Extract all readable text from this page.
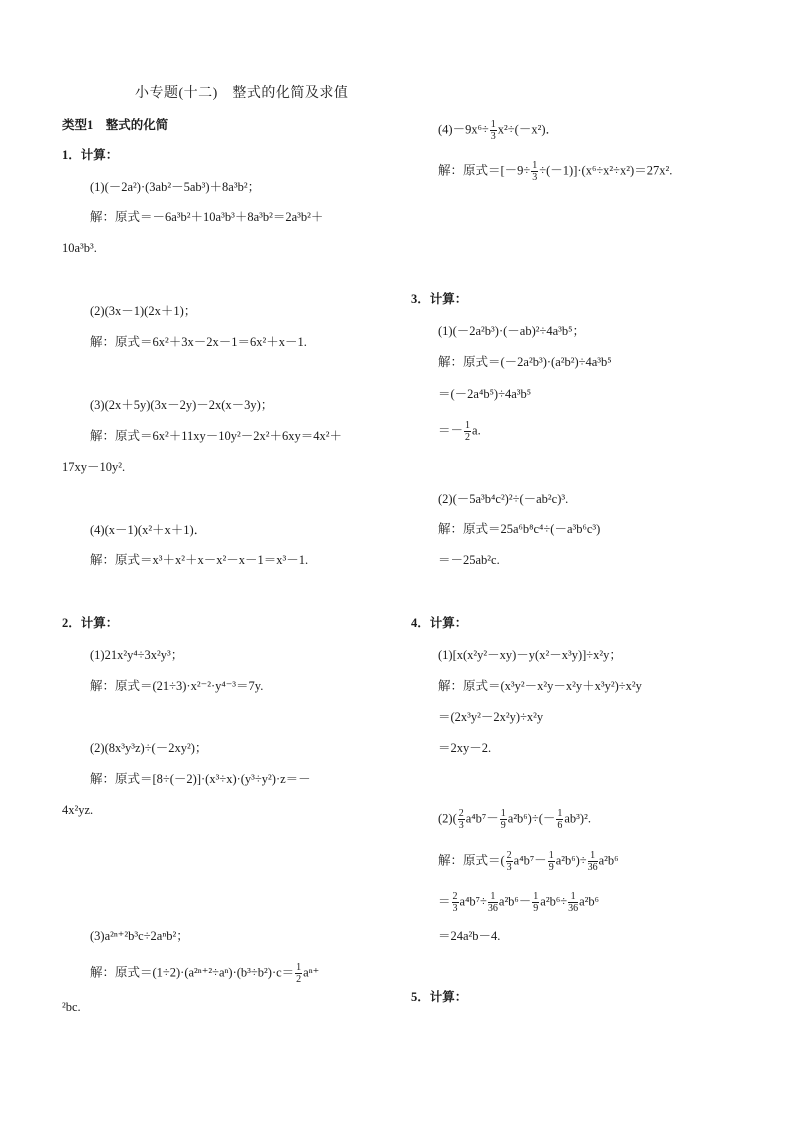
小专题(十二)　整式的化简及求值
类型1　整式的化简
1．计算：
(1)(－2a²)·(3ab²－5ab³)＋8a³b²；
解：原式＝－6a³b²＋10a³b³＋8a³b²＝2a³b²＋
10a³b³.
(2)(3x－1)(2x＋1)；
解：原式＝6x²＋3x－2x－1＝6x²＋x－1.
(3)(2x＋5y)(3x－2y)－2x(x－3y)；
解：原式＝6x²＋11xy－10y²－2x²＋6xy＝4x²＋
17xy－10y².
(4)(x－1)(x²＋x＋1)．
解：原式＝x³＋x²＋x－x²－x－1＝x³－1.
2．计算：
(1)21x²y⁴÷3x²y³；
解：原式＝(21÷3)·x²⁻²·y⁴⁻³＝7y.
(2)(8x³y³z)÷(－2xy²)；
解：原式＝[8÷(－2)]·(x³÷x)·(y³÷y²)·z＝－
4x²yz.
(3)a²ⁿ⁺²b³c÷2aⁿb²；
解：原式$=(1\div 2)\cdot(a^{2n+2}\div a^n)\cdot(b^3\div b^2)\cdot c= \frac{1}{2} a^{n+}$
²bc.
$(4)-9x^6\div \frac{1}{3} x^2\div(-x^2)$．
解：原式$=[-9\div \frac{1}{3} \div(-1)]\cdot(x^6\div x^2\div x^2)=27x^2$.
3．计算：
(1)(－2a²b³)·(－ab)²÷4a³b⁵；
解：原式＝(－2a²b³)·(a²b²)÷4a³b⁵
＝(－2a⁴b⁵)÷4a³b⁵
＝－ $\frac{1}{2} a$.
(2)(－5a³b⁴c²)²÷(－ab²c)³.
解：原式＝25a⁶b⁸c⁴÷(－a³b⁶c³)
＝－25ab²c.
4．计算：
(1)[x(x²y²－xy)－y(x²－x³y)]÷x²y；
解：原式＝(x³y²－x²y－x²y＋x³y²)÷x²y
＝(2x³y²－2x²y)÷x²y
＝2xy－2.
$(2)( \frac{2}{3} a^4b^7- \frac{1}{9} a^2b^6)\div(- \frac{1}{6} ab^3)^2$.
解：原式＝( $\frac{2}{3} a^4b^7- \frac{1}{9} a^2b^6)\div \frac{1}{36} a^2b^6$
＝ $\frac{2}{3} a^4b^7\div \frac{1}{36} a^2b^6- \frac{1}{9} a^2b^6\div \frac{1}{36} a^2b^6$
＝24a²b－4.
5．计算：
